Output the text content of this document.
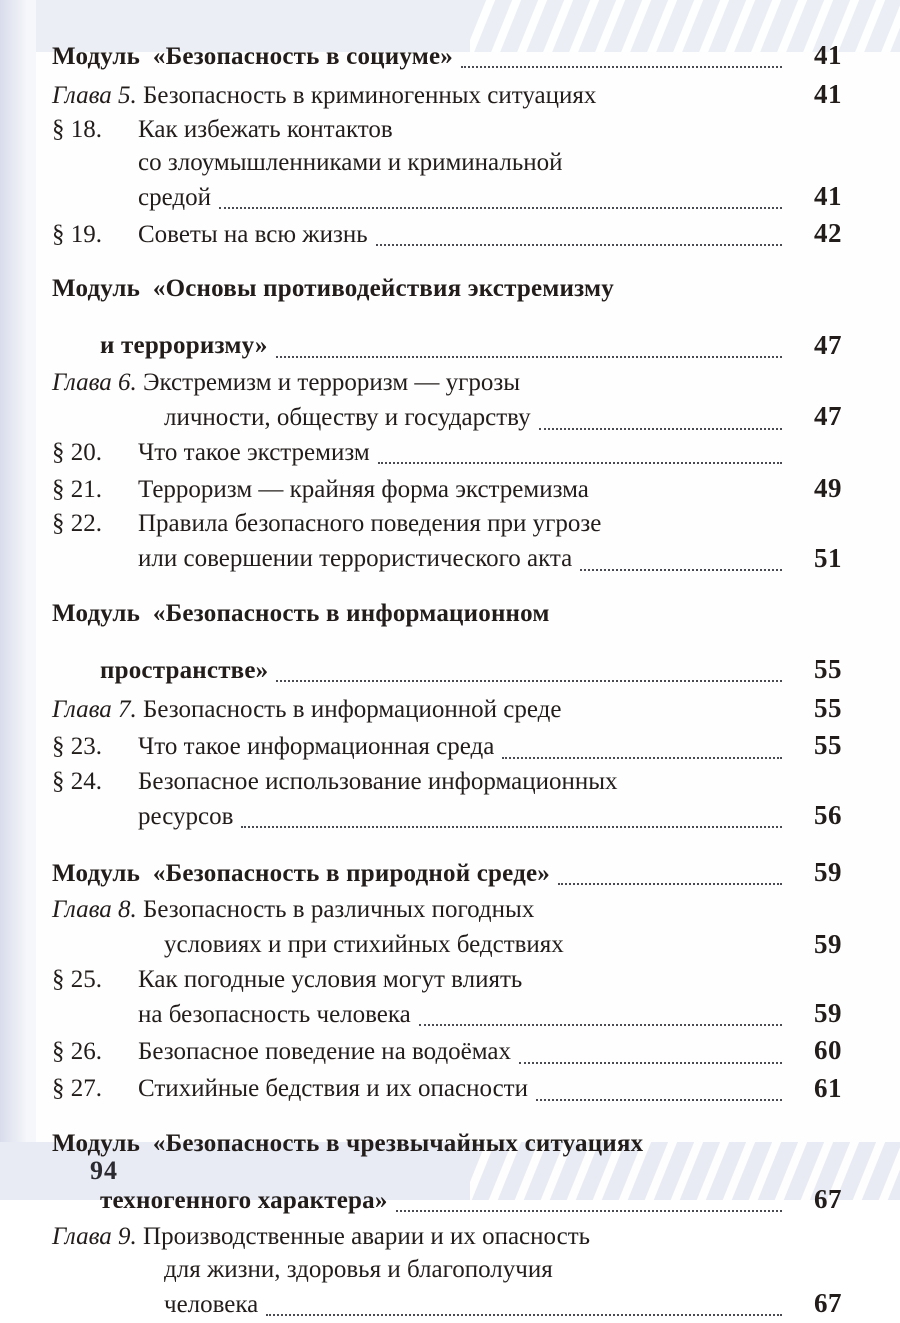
Модуль  «Безопасность в социуме»	41
Глава 5. Безопасность в криминогенных ситуациях	41
§ 18. Как избежать контактов
со злоумышленниками и криминальной
средой	41
§ 19. Советы на всю жизнь	42
Модуль  «Основы противодействия экстремизму
и терроризму»	47
Глава 6. Экстремизм и терроризм — угрозы
личности, обществу и государству	47
§ 20. Что такое экстремизм
§ 21. Терроризм — крайняя форма экстремизма	49
§ 22. Правила безопасного поведения при угрозе
или совершении террористического акта	51
Модуль  «Безопасность в информационном
пространстве»	55
Глава 7. Безопасность в информационной среде	55
§ 23. Что такое информационная среда	55
§ 24. Безопасное использование информационных
ресурсов	56
Модуль  «Безопасность в природной среде»	59
Глава 8. Безопасность в различных погодных
условиях и при стихийных бедствиях	59
§ 25. Как погодные условия могут влиять
на безопасность человека	59
§ 26. Безопасное поведение на водоёмах	60
§ 27. Стихийные бедствия и их опасности	61
Модуль  «Безопасность в чрезвычайных ситуациях
техногенного характера»	67
Глава 9. Производственные аварии и их опасность
для жизни, здоровья и благополучия
человека	67
94
